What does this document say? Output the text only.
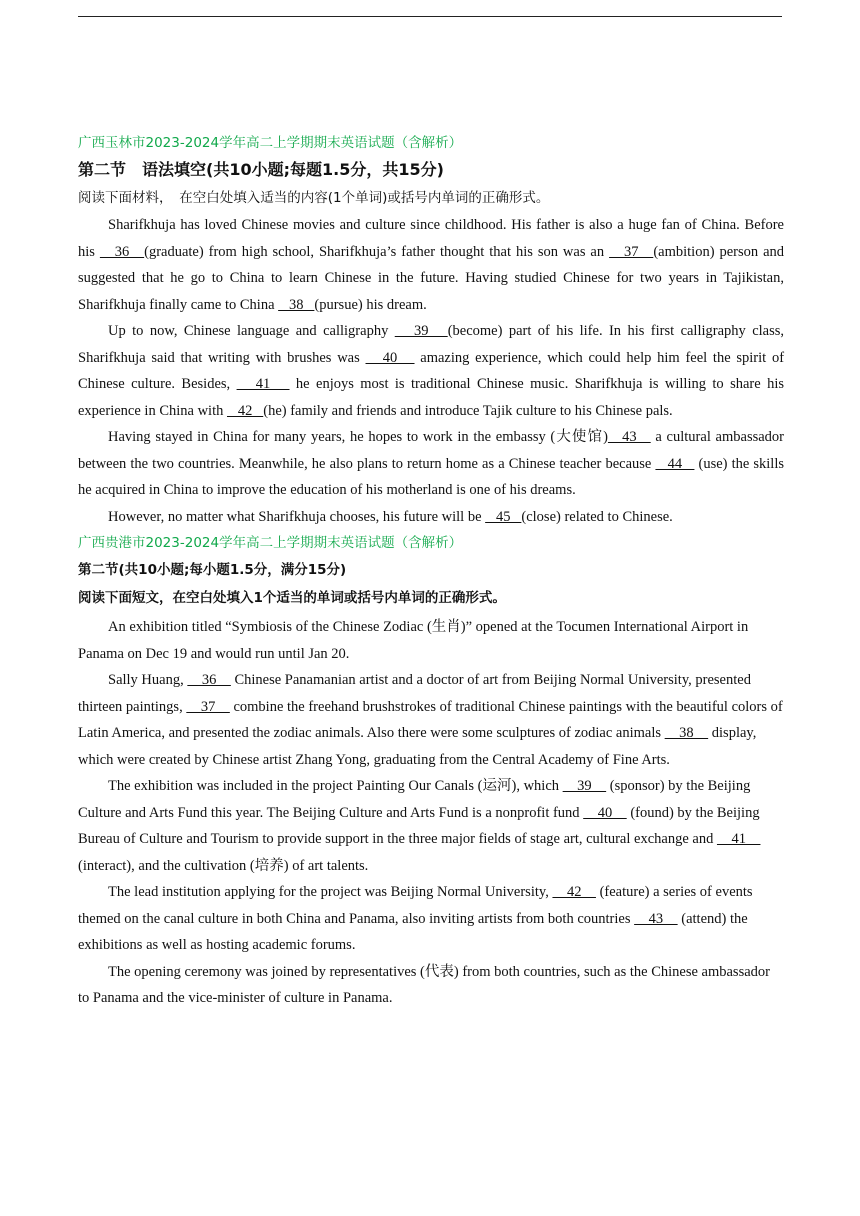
广西玉林市2023-2024学年高二上学期期末英语试题（含解析）
第二节　语法填空(共10小题;每题1.5分，共15分)
阅读下面材料，　在空白处填入适当的内容(1个单词)或括号内单词的正确形式。

Sharifkhuja has loved Chinese movies and culture since childhood. His father is also a huge fan of China. Before his    36   (graduate) from high school, Sharifkhuja’s father thought that his son was an    37   (ambition) person and suggested that he go to China to learn Chinese in the future. Having studied Chinese for two years in Tajikistan, Sharifkhuja finally came to China    38   (pursue) his dream.

Up to now, Chinese language and calligraphy    39   (become) part of his life. In his first calligraphy class, Sharifkhuja said that writing with brushes was    40    amazing experience, which could help him feel the spirit of Chinese culture. Besides,    41    he enjoys most is traditional Chinese music. Sharifkhuja is willing to share his experience in China with    42   (he) family and friends and introduce Tajik culture to his Chinese pals.

Having stayed in China for many years, he hopes to work in the embassy (大使馆)   43    a cultural ambassador between the two countries. Meanwhile, he also plans to return home as a Chinese teacher because    44    (use) the skills he acquired in China to improve the education of his motherland is one of his dreams.

However, no matter what Sharifkhuja chooses, his future will be    45   (close) related to Chinese.

广西贵港市2023-2024学年高二上学期期末英语试题（含解析）
第二节(共10小题;每小题1.5分，满分15分)
阅读下面短文，在空白处填入1个适当的单词或括号内单词的正确形式。

An exhibition titled “Symbiosis of the Chinese Zodiac (生肖)” opened at the Tocumen International Airport in Panama on Dec 19 and would run until Jan 20.

Sally Huang,     36     Chinese Panamanian artist and a doctor of art from Beijing Normal University, presented thirteen paintings,     37     combine the freehand brushstrokes of traditional Chinese paintings with the beautiful colors of Latin America, and presented the zodiac animals. Also there were some sculptures of zodiac animals     38     display, which were created by Chinese artist Zhang Yong, graduating from the Central Academy of Fine Arts.

The exhibition was included in the project Painting Our Canals (运河), which     39     (sponsor) by the Beijing Culture and Arts Fund this year. The Beijing Culture and Arts Fund is a nonprofit fund     40     (found) by the Beijing Bureau of Culture and Tourism to provide support in the three major fields of stage art, cultural exchange and     41     (interact), and the cultivation (培养) of art talents.

The lead institution applying for the project was Beijing Normal University,     42     (feature) a series of events themed on the canal culture in both China and Panama, also inviting artists from both countries     43     (attend) the exhibitions as well as hosting academic forums.

The opening ceremony was joined by representatives (代表) from both countries, such as the Chinese ambassador to Panama and the vice-minister of culture in Panama.
